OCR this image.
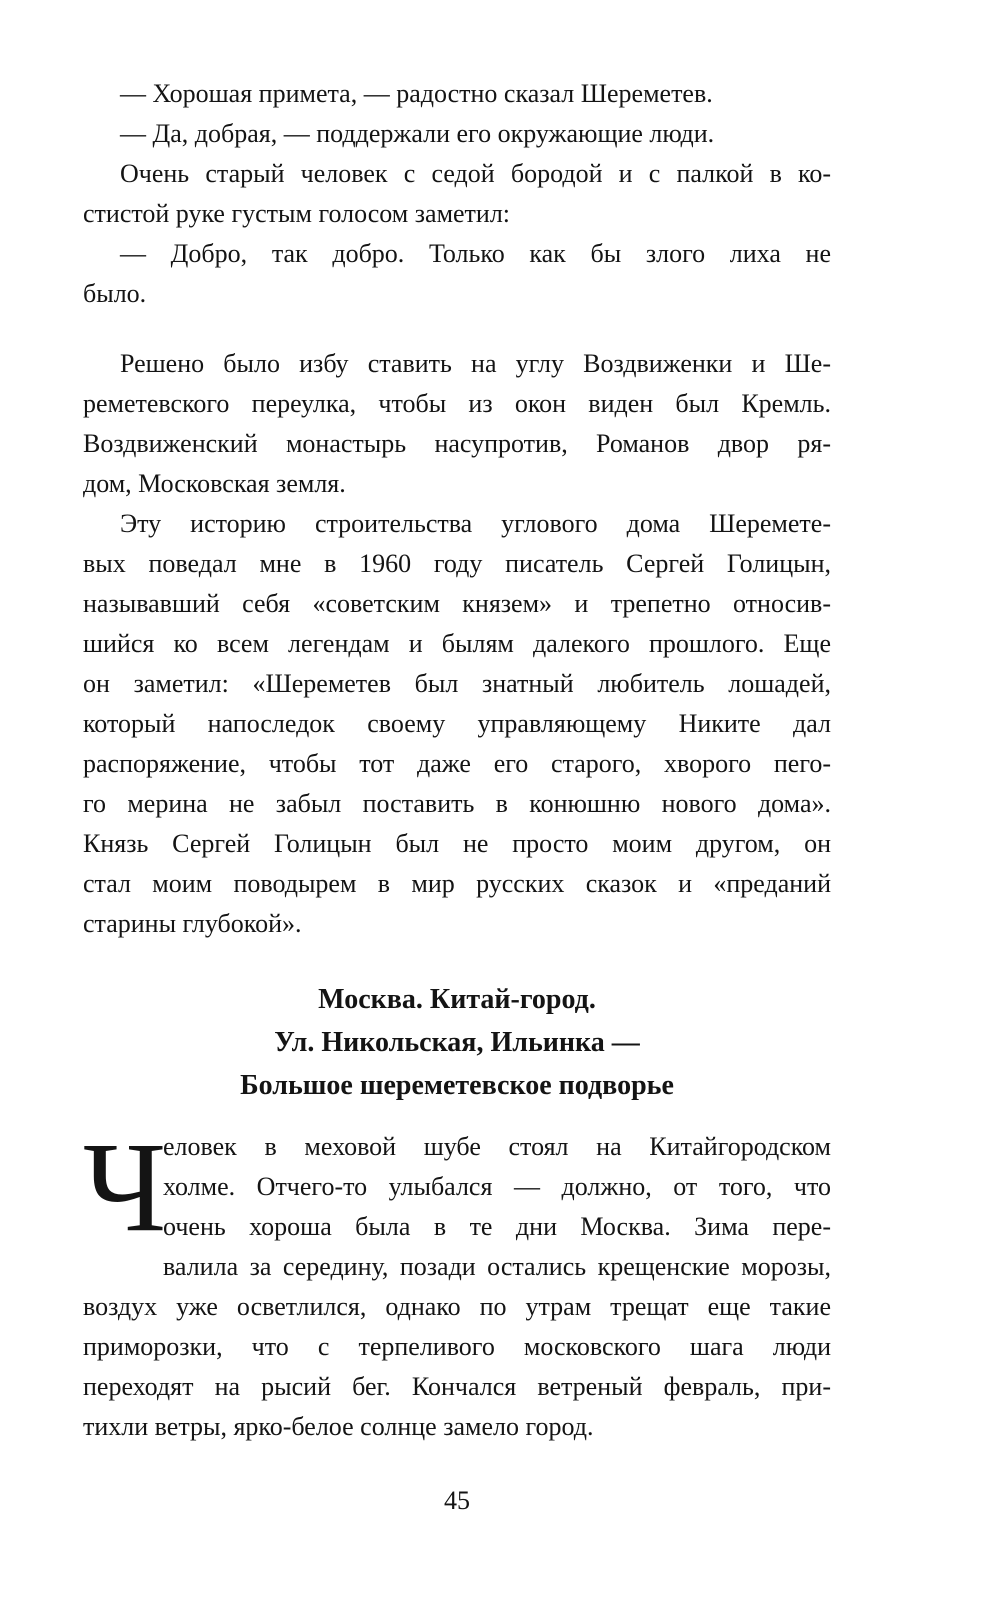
— Хорошая примета, — радостно сказал Шереметев.
— Да, добрая, — поддержали его окружающие люди.
Очень старый человек с седой бородой и с палкой в ко-
стистой руке густым голосом заметил:
— Добро, так добро. Только как бы злого лиха не
было.
Решено было избу ставить на углу Воздвиженки и Ше-
реметевского переулка, чтобы из окон виден был Кремль.
Воздвиженский монастырь насупротив, Романов двор ря-
дом, Московская земля.
Эту историю строительства углового дома Шеремете-
вых поведал мне в 1960 году писатель Сергей Голицын,
называвший себя «советским князем» и трепетно относив-
шийся ко всем легендам и былям далекого прошлого. Еще
он заметил: «Шереметев был знатный любитель лошадей,
который напоследок своему управляющему Никите дал
распоряжение, чтобы тот даже его старого, хворого пего-
го мерина не забыл поставить в конюшню нового дома».
Князь Сергей Голицын был не просто моим другом, он
стал моим поводырем в мир русских сказок и «преданий
старины глубокой».
Москва. Китай-город.
Ул. Никольская, Ильинка —
Большое шереметевское подворье
Ч
еловек в меховой шубе стоял на Китайгородском
холме. Отчего-то улыбался — должно, от того, что
очень хороша была в те дни Москва. Зима пере-
валила за середину, позади остались крещенские морозы,
воздух уже осветлился, однако по утрам трещат еще такие
приморозки, что с терпеливого московского шага люди
переходят на рысий бег. Кончался ветреный февраль, при-
тихли ветры, ярко-белое солнце замело город.
45
